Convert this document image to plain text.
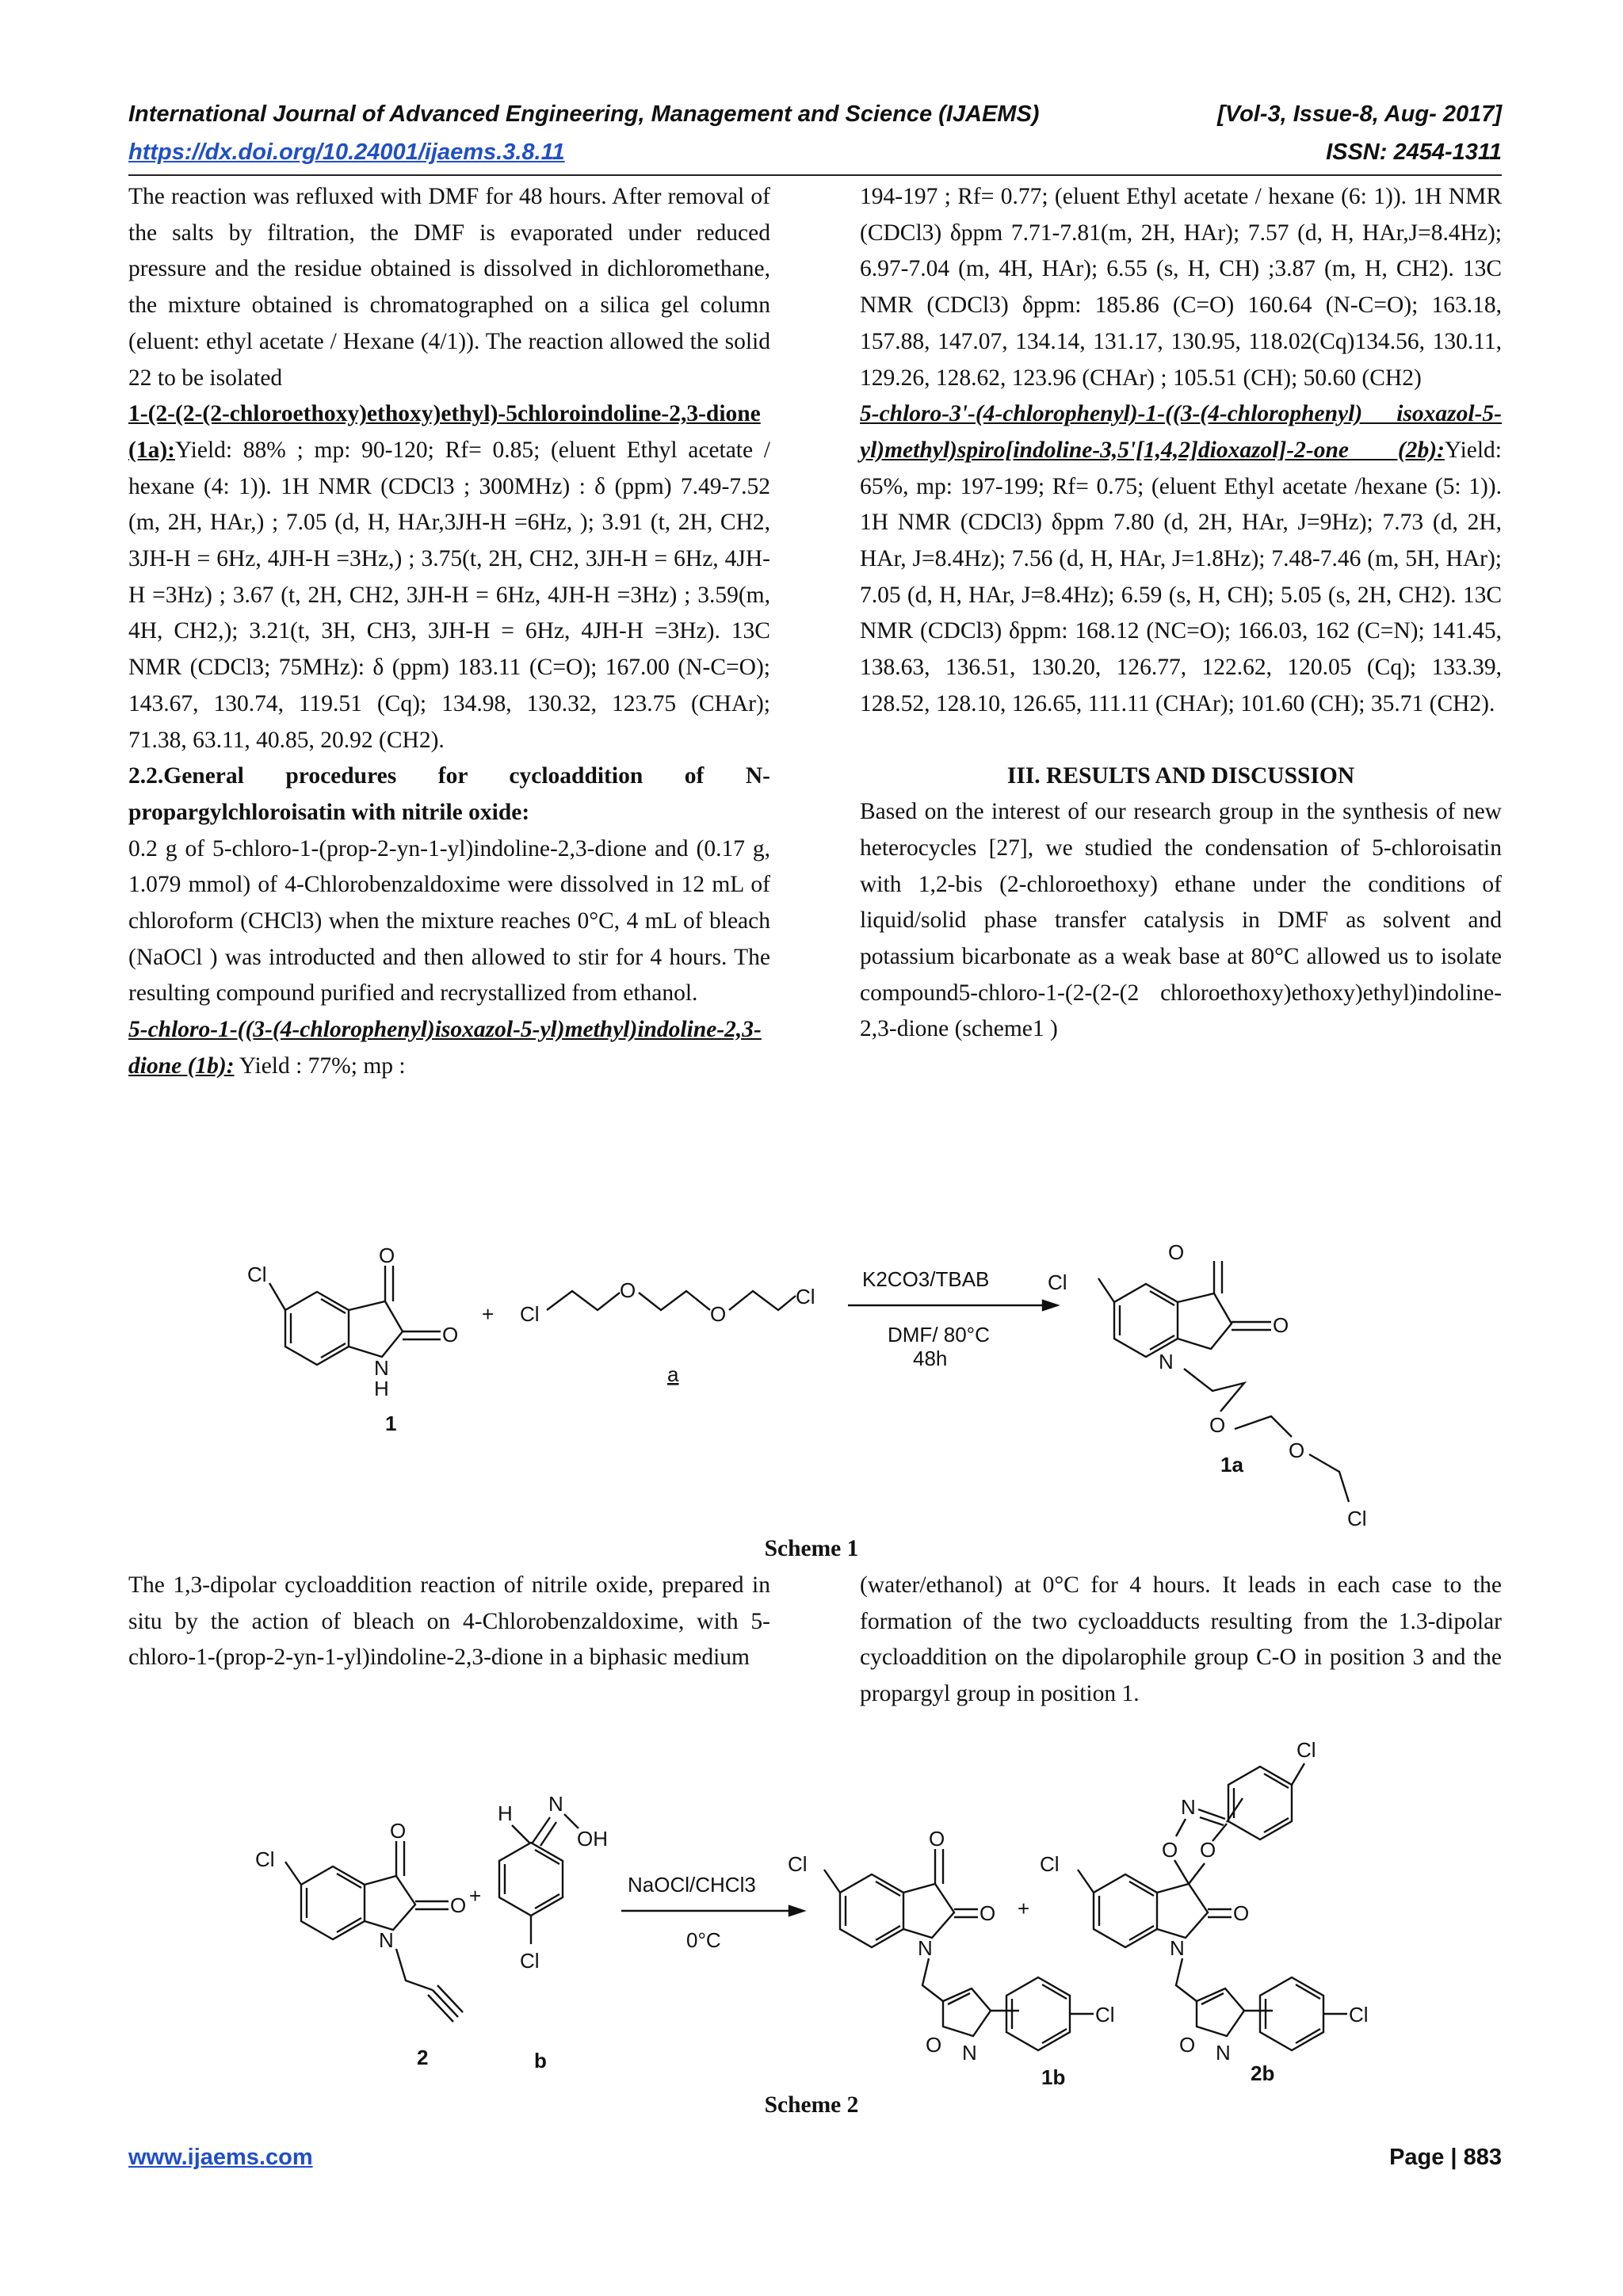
International Journal of Advanced Engineering, Management and Science (IJAEMS)	[Vol-3, Issue-8, Aug- 2017]
https://dx.doi.org/10.24001/ijaems.3.8.11	ISSN: 2454-1311

The reaction was refluxed with DMF for 48 hours. After removal of the salts by filtration, the DMF is evaporated under reduced pressure and the residue obtained is dissolved in dichloromethane, the mixture obtained is chromatographed on a silica gel column (eluent: ethyl acetate / Hexane (4/1)). The reaction allowed the solid 22 to be isolated

1-(2-(2-(2-chloroethoxy)ethoxy)ethyl)-5chloroindoline-2,3-dione (1a):Yield: 88% ; mp: 90-120; Rf= 0.85; (eluent Ethyl acetate / hexane (4: 1)). 1H NMR (CDCl3 ; 300MHz) : δ (ppm) 7.49-7.52 (m, 2H, HAr,) ; 7.05 (d, H, HAr,3JH-H =6Hz, ); 3.91 (t, 2H, CH2, 3JH-H = 6Hz, 4JH-H =3Hz,) ; 3.75(t, 2H, CH2, 3JH-H = 6Hz, 4JH-H =3Hz) ; 3.67 (t, 2H, CH2, 3JH-H = 6Hz, 4JH-H =3Hz) ; 3.59(m, 4H, CH2,); 3.21(t, 3H, CH3, 3JH-H = 6Hz, 4JH-H =3Hz). 13C NMR (CDCl3; 75MHz): δ (ppm) 183.11 (C=O); 167.00 (N-C=O); 143.67, 130.74, 119.51 (Cq); 134.98, 130.32, 123.75 (CHAr); 71.38, 63.11, 40.85, 20.92 (CH2).

2.2.General procedures for cycloaddition of N-propargylchloroisatin with nitrile oxide:

0.2 g of 5-chloro-1-(prop-2-yn-1-yl)indoline-2,3-dione and (0.17 g, 1.079 mmol) of 4-Chlorobenzaldoxime were dissolved in 12 mL of chloroform (CHCl3) when the mixture reaches 0°C, 4 mL of bleach (NaOCl ) was introducted and then allowed to stir for 4 hours. The resulting compound purified and recrystallized from ethanol.

5-chloro-1-((3-(4-chlorophenyl)isoxazol-5-yl)methyl)indoline-2,3-dione (1b): Yield : 77%; mp :

194-197 ; Rf= 0.77; (eluent Ethyl acetate / hexane (6: 1)). 1H NMR (CDCl3) δppm 7.71-7.81(m, 2H, HAr); 7.57 (d, H, HAr,J=8.4Hz); 6.97-7.04 (m, 4H, HAr); 6.55 (s, H, CH) ;3.87 (m, H, CH2). 13C NMR (CDCl3) δppm: 185.86 (C=O) 160.64 (N-C=O); 163.18, 157.88, 147.07, 134.14, 131.17, 130.95, 118.02(Cq)134.56, 130.11, 129.26, 128.62, 123.96 (CHAr) ; 105.51 (CH); 50.60 (CH2)

5-chloro-3'-(4-chlorophenyl)-1-((3-(4-chlorophenyl) isoxazol-5-yl)methyl)spiro[indoline-3,5'[1,4,2]dioxazol]-2-one (2b):Yield: 65%, mp: 197-199; Rf= 0.75; (eluent Ethyl acetate /hexane (5: 1)). 1H NMR (CDCl3) δppm 7.80 (d, 2H, HAr, J=9Hz); 7.73 (d, 2H, HAr, J=8.4Hz); 7.56 (d, H, HAr, J=1.8Hz); 7.48-7.46 (m, 5H, HAr); 7.05 (d, H, HAr, J=8.4Hz); 6.59 (s, H, CH); 5.05 (s, 2H, CH2). 13C NMR (CDCl3) δppm: 168.12 (NC=O); 166.03, 162 (C=N); 141.45, 138.63, 136.51, 130.20, 126.77, 122.62, 120.05 (Cq); 133.39, 128.52, 128.10, 126.65, 111.11 (CHAr); 101.60 (CH); 35.71 (CH2).

III. RESULTS AND DISCUSSION

Based on the interest of our research group in the synthesis of new heterocycles [27], we studied the condensation of 5-chloroisatin with 1,2-bis (2-chloroethoxy) ethane under the conditions of liquid/solid phase transfer catalysis in DMF as solvent and potassium bicarbonate as a weak base at 80°C allowed us to isolate compound5-chloro-1-(2-(2-(2 chloroethoxy)ethoxy)ethyl)indoline-2,3-dione (scheme1 )

Cl
O
O
N
H
1
+ Cl
O
O
Cl
a
K2CO3/TBAB
DMF/ 80°C
48h
Cl
O
O
N
O
O
Cl
1a
Scheme 1

The 1,3-dipolar cycloaddition reaction of nitrile oxide, prepared in situ by the action of bleach on 4-Chlorobenzaldoxime, with 5-chloro-1-(prop-2-yn-1-yl)indoline-2,3-dione in a biphasic medium

(water/ethanol) at 0°C for 4 hours. It leads in each case to the formation of the two cycloadducts resulting from the 1.3-dipolar cycloaddition on the dipolarophile group C-O in position 3 and the propargyl group in position 1.

Cl
O
O
N
2
+
H N
OH
Cl
b
NaOCl/CHCl3
0°C
Cl
O
O
N
O N
Cl
1b
+
Cl
O
N
O O
N
Cl
O N
Cl
2b
Scheme 2
www.ijaems.com	Page | 883
